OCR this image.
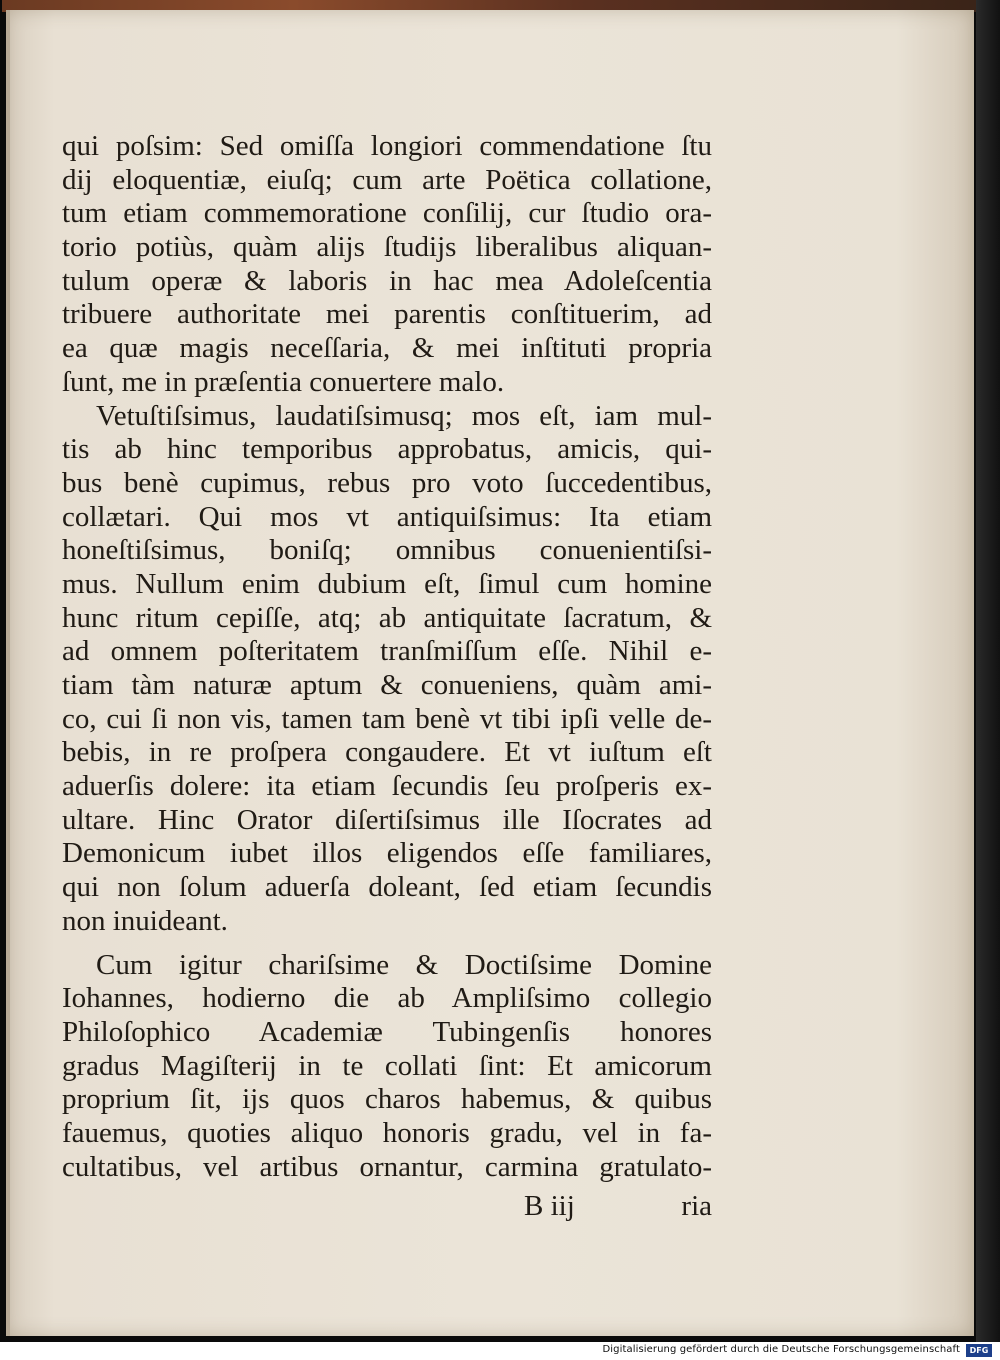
qui poſsim: Sed omiſſa longiori commendatione ſtu
dij eloquentiæ, eiuſq; cum arte Poëtica collatione,
tum etiam commemoratione conſilij, cur ſtudio ora-
torio potiùs, quàm alijs ſtudijs liberalibus aliquan-
tulum operæ & laboris in hac mea Adoleſcentia
tribuere authoritate mei parentis conſtituerim, ad
ea quæ magis neceſſaria, & mei inſtituti propria
ſunt, me in præſentia conuertere malo.
Vetuſtiſsimus, laudatiſsimusq; mos eſt, iam mul-
tis ab hinc temporibus approbatus, amicis, qui-
bus benè cupimus, rebus pro voto ſuccedentibus,
collætari. Qui mos vt antiquiſsimus: Ita etiam
honeſtiſsimus, boniſq; omnibus conuenientiſsi-
mus. Nullum enim dubium eſt, ſimul cum homine
hunc ritum cepiſſe, atq; ab antiquitate ſacratum, &
ad omnem poſteritatem tranſmiſſum eſſe. Nihil e-
tiam tàm naturæ aptum & conueniens, quàm ami-
co, cui ſi non vis, tamen tam benè vt tibi ipſi velle de-
bebis, in re proſpera congaudere. Et vt iuſtum eſt
aduerſis dolere: ita etiam ſecundis ſeu proſperis ex-
ultare. Hinc Orator diſertiſsimus ille Iſocrates ad
Demonicum iubet illos eligendos eſſe familiares,
qui non ſolum aduerſa doleant, ſed etiam ſecundis
non inuideant.
Cum igitur chariſsime & Doctiſsime Domine
Iohannes, hodierno die ab Ampliſsimo collegio
Philoſophico Academiæ Tubingenſis honores
gradus Magiſterij in te collati ſint: Et amicorum
proprium ſit, ijs quos charos habemus, & quibus
fauemus, quoties aliquo honoris gradu, vel in fa-
cultatibus, vel artibus ornantur, carmina gratulato-
B iij	ria
Digitalisierung gefördert durch die Deutsche Forschungsgemeinschaft	DFG
